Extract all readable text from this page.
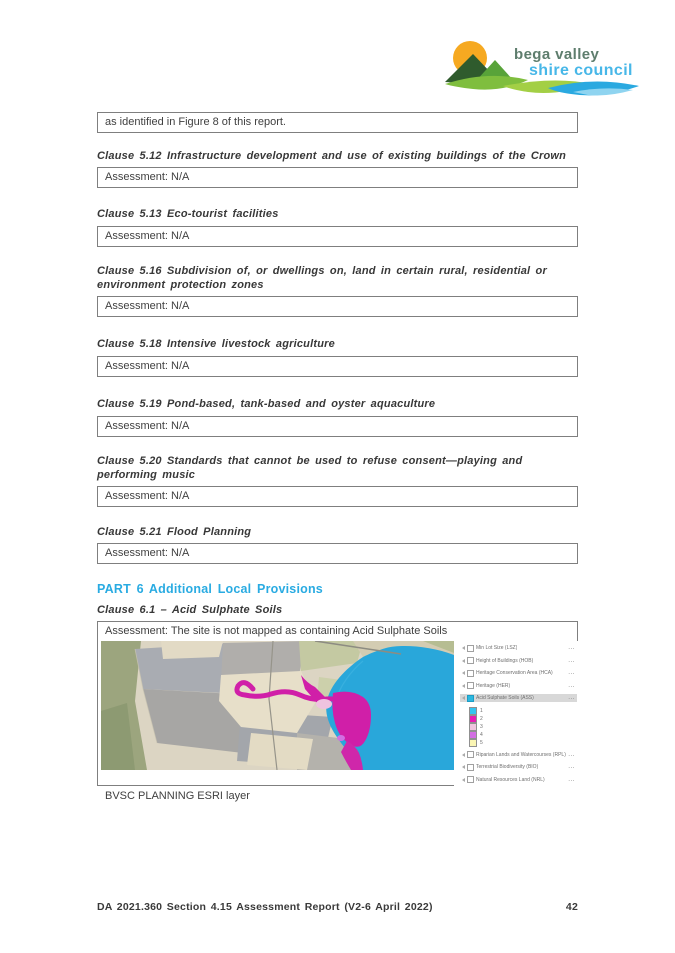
bega valley
shire council
as identified in Figure 8 of this report.
Clause 5.12 Infrastructure development and use of existing buildings of the Crown
Assessment: N/A
Clause 5.13 Eco-tourist facilities
Assessment: N/A
Clause 5.16 Subdivision of, or dwellings on, land in certain rural, residential or environment protection zones
Assessment: N/A
Clause 5.18 Intensive livestock agriculture
Assessment: N/A
Clause 5.19 Pond-based, tank-based and oyster aquaculture
Assessment: N/A
Clause 5.20 Standards that cannot be used to refuse consent—playing and performing music
Assessment: N/A
Clause 5.21 Flood Planning
Assessment: N/A
PART 6 Additional Local Provisions
Clause 6.1 – Acid Sulphate Soils
Assessment: The site is not mapped as containing Acid Sulphate Soils
Min Lot Size (LSZ)	…
Height of Buildings (HOB)	…
Heritage Conservation Area (HCA) …
Heritage (HER)	…
Acid Sulphate Soils (ASS)	…
1
2
3
4
5
Riparian Lands and Watercourses (RPL) …
Terrestrial Biodiversity (BIO)	…
Natural Resources Land (NRL)	…
BVSC PLANNING ESRI layer
DA 2021.360 Section 4.15 Assessment Report (V2-6 April 2022)	42
